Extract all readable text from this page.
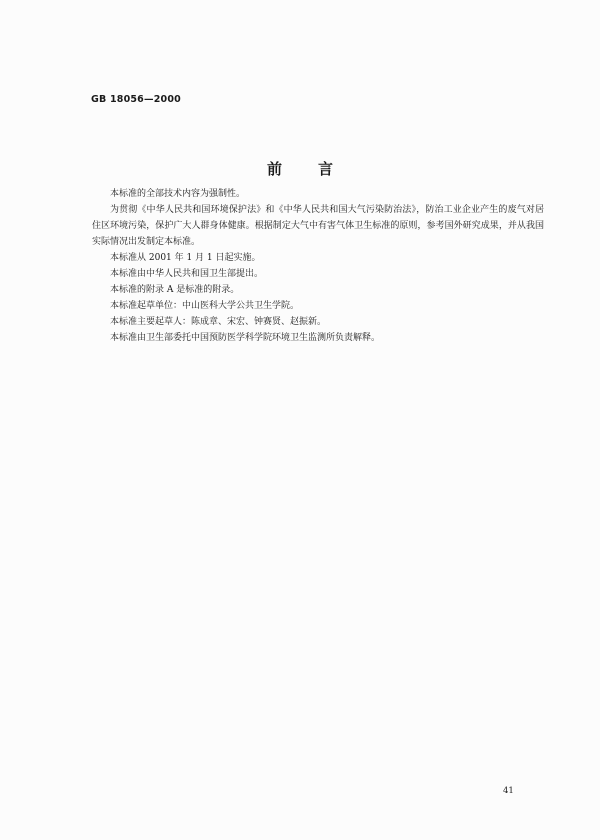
GB 18056—2000
前言

本标准的全部技术内容为强制性。

为贯彻《中华人民共和国环境保护法》和《中华人民共和国大气污染防治法》，防治工业企业产生的废气对居住区环境污染，保护广大人群身体健康。根据制定大气中有害气体卫生标准的原则，参考国外研究成果，并从我国实际情况出发制定本标准。

本标准从 2001 年 1 月 1 日起实施。

本标准由中华人民共和国卫生部提出。

本标准的附录 A 是标准的附录。

本标准起草单位：中山医科大学公共卫生学院。

本标准主要起草人：陈成章、宋宏、钟赛贤、赵振新。

本标准由卫生部委托中国预防医学科学院环境卫生监测所负责解释。

41
